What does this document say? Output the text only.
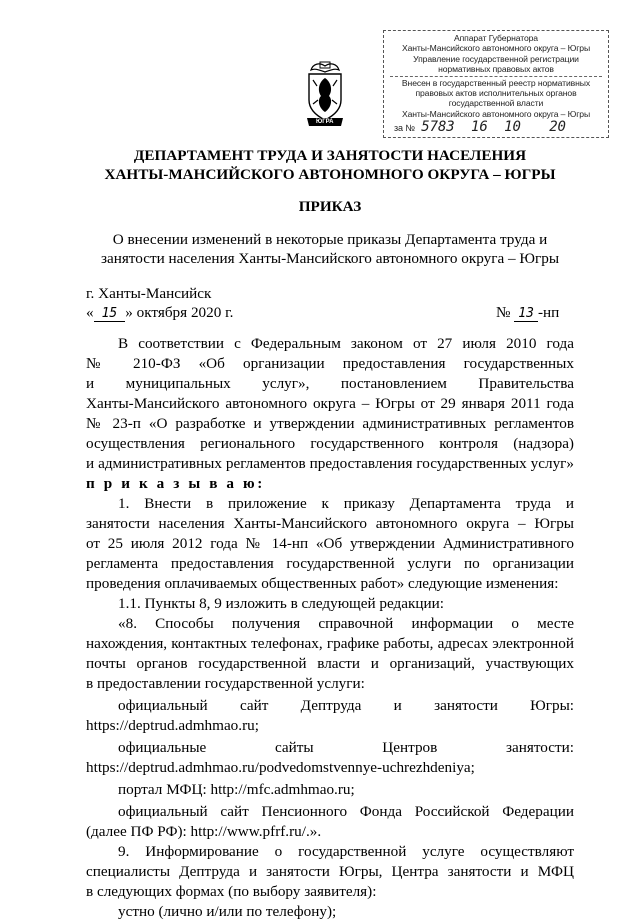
Аппарат Губернатора
Ханты-Мансийского автономного округа – Югры
Управление государственной регистрации
нормативных правовых актов
Внесен в государственный реестр нормативных
правовых актов исполнительных органов
государственной власти
Ханты-Мансийского автономного округа – Югры
за № 5783 16 10 20
ЮГРА
ДЕПАРТАМЕНТ ТРУДА И ЗАНЯТОСТИ НАСЕЛЕНИЯ
ХАНТЫ-МАНСИЙСКОГО АВТОНОМНОГО ОКРУГА – ЮГРЫ
ПРИКАЗ
О внесении изменений в некоторые приказы Департамента труда и
занятости населения Ханты-Мансийского автономного округа – Югры
г. Ханты-Мансийск
« 15 » октября 2020 г.	№ 13 -нп
В соответствии с Федеральным законом от 27 июля 2010 года
№ 210-ФЗ «Об организации предоставления государственных
и муниципальных услуг», постановлением Правительства
Ханты-Мансийского автономного округа – Югры от 29 января 2011 года
№ 23-п «О разработке и утверждении административных регламентов
осуществления регионального государственного контроля (надзора)
и административных регламентов предоставления государственных услуг»
п р и к а з ы в а ю:
1. Внести в приложение к приказу Департамента труда и
занятости населения Ханты-Мансийского автономного округа – Югры
от 25 июля 2012 года № 14-нп «Об утверждении Административного
регламента предоставления государственной услуги по организации
проведения оплачиваемых общественных работ» следующие изменения:
1.1. Пункты 8, 9 изложить в следующей редакции:
«8. Способы получения справочной информации о месте
нахождения, контактных телефонах, графике работы, адресах электронной
почты органов государственной власти и организаций, участвующих
в предоставлении государственной услуги:
официальный сайт Дептруда и занятости Югры:
https://deptrud.admhmao.ru;
официальные сайты Центров занятости:
https://deptrud.admhmao.ru/podvedomstvennye-uchrezhdeniya;
портал МФЦ: http://mfc.admhmao.ru;
официальный сайт Пенсионного Фонда Российской Федерации
(далее ПФ РФ): http://www.pfrf.ru/.».
9. Информирование о государственной услуге осуществляют
специалисты Дептруда и занятости Югры, Центра занятости и МФЦ
в следующих формах (по выбору заявителя):
устно (лично и/или по телефону);
